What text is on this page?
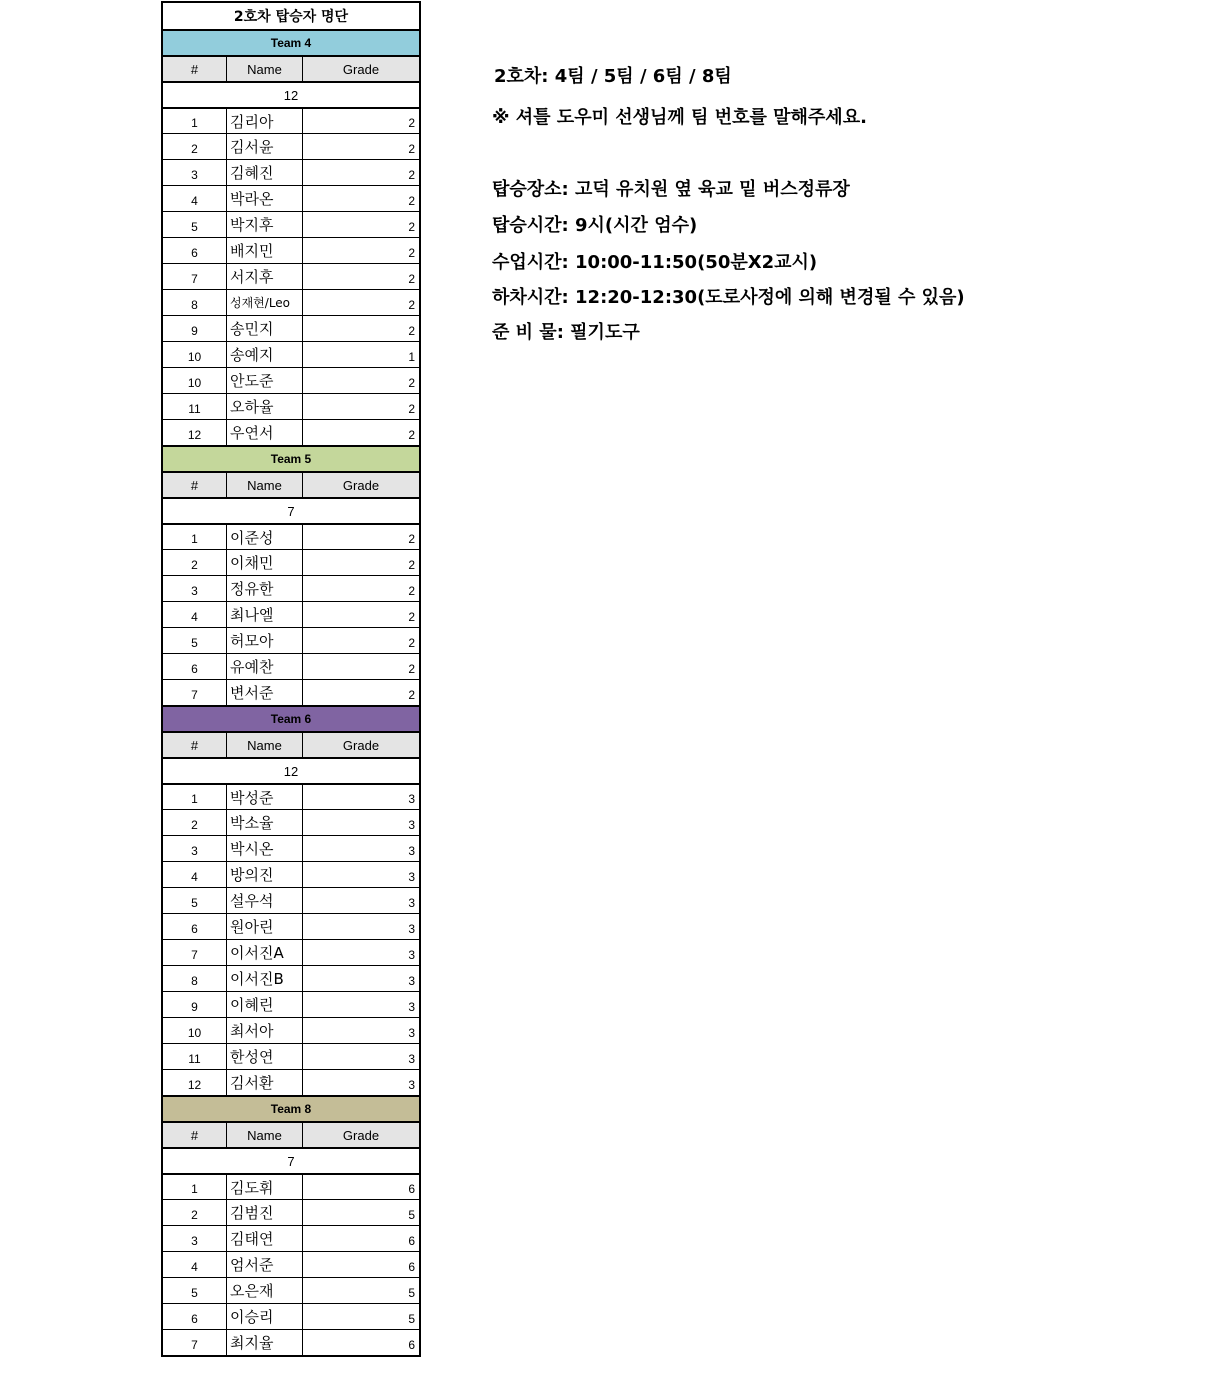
2호차 탑승자 명단
Team 4
#	Name	Grade
12
1	김리아	2
2	김서윤	2
3	김혜진	2
4	박라온	2
5	박지후	2
6	배지민	2
7	서지후	2
8	성재현/Leo	2
9	송민지	2
10	송예지	1
10	안도준	2
11	오하율	2
12	우연서	2
Team 5
#	Name	Grade
7
1	이준성	2
2	이채민	2
3	정유한	2
4	최나엘	2
5	허모아	2
6	유예찬	2
7	변서준	2
Team 6
#	Name	Grade
12
1	박성준	3
2	박소율	3
3	박시온	3
4	방의진	3
5	설우석	3
6	원아린	3
7	이서진A	3
8	이서진B	3
9	이혜린	3
10	최서아	3
11	한성연	3
12	김서환	3
Team 8
#	Name	Grade
7
1	김도휘	6
2	김범진	5
3	김태연	6
4	엄서준	6
5	오은재	5
6	이승리	5
7	최지율	6
2호차: 4팀 / 5팀 / 6팀 / 8팀
※ 셔틀 도우미 선생님께 팀 번호를 말해주세요.
탑승장소: 고덕 유치원 옆 육교 밑 버스정류장
탑승시간: 9시(시간 엄수)
수업시간: 10:00-11:50(50분X2교시)
하차시간: 12:20-12:30(도로사정에 의해 변경될 수 있음)
준 비 물: 필기도구
